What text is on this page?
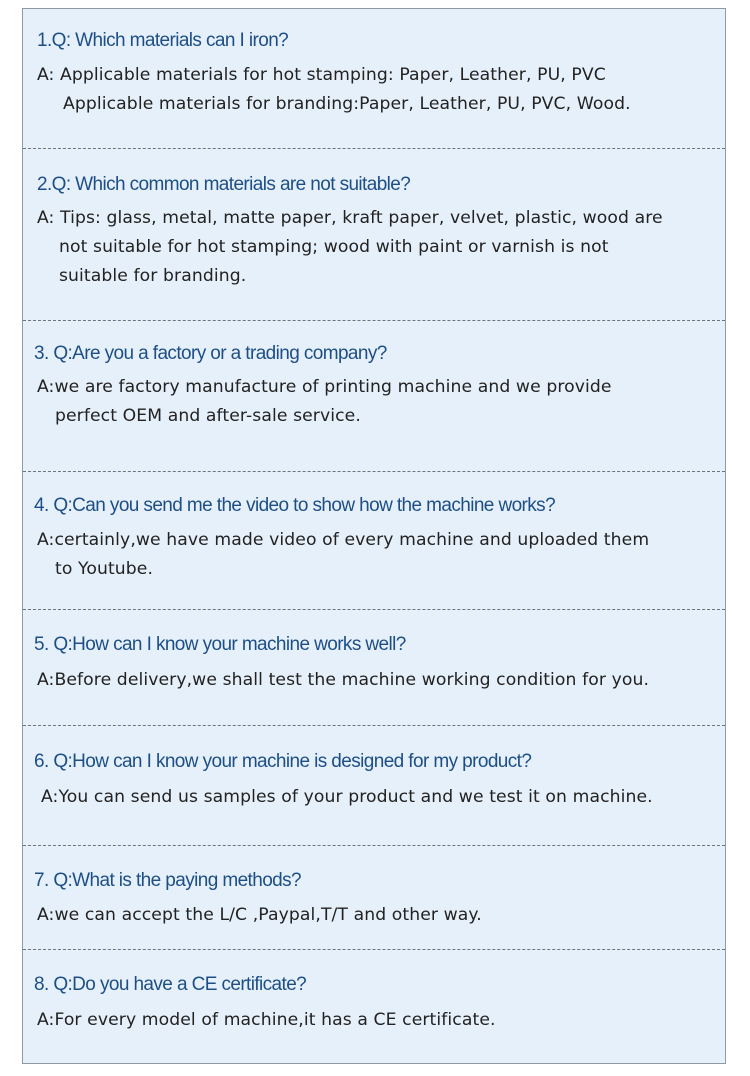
1.Q: Which materials can I iron?

A: Applicable materials for hot stamping: Paper, Leather, PU, PVC
Applicable materials for branding:Paper, Leather, PU, PVC, Wood.

2.Q: Which common materials are not suitable?

A: Tips: glass, metal, matte paper, kraft paper, velvet, plastic, wood are
not suitable for hot stamping; wood with paint or varnish is not
suitable for branding.

3. Q:Are you a factory or a trading company?

A:we are factory manufacture of printing machine and we provide
perfect OEM and after-sale service.

4. Q:Can you send me the video to show how the machine works?

A:certainly,we have made video of every machine and uploaded them
to Youtube.

5. Q:How can I know your machine works well?

A:Before delivery,we shall test the machine working condition for you.

6. Q:How can I know your machine is designed for my product?

A:You can send us samples of your product and we test it on machine.

7. Q:What is the paying methods?

A:we can accept the L/C ,Paypal,T/T and other way.

8. Q:Do you have a CE certificate?

A:For every model of machine,it has a CE certificate.
